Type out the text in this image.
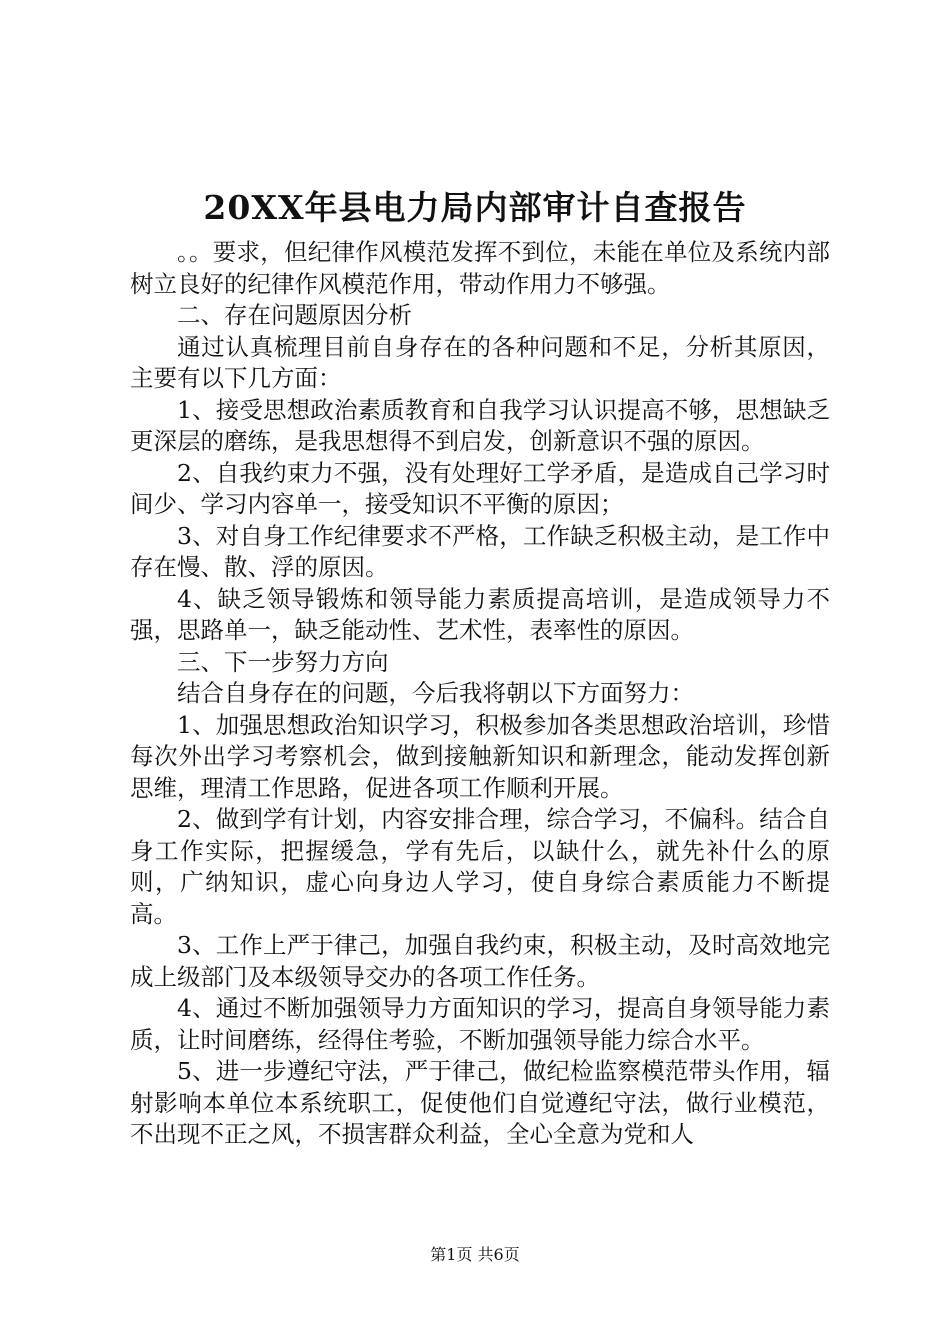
20XX年县电力局内部审计自查报告

。。要求，但纪律作风模范发挥不到位，未能在单位及系统内部树立良好的纪律作风模范作用，带动作用力不够强。

二、存在问题原因分析

通过认真梳理目前自身存在的各种问题和不足，分析其原因，主要有以下几方面：

1、接受思想政治素质教育和自我学习认识提高不够，思想缺乏更深层的磨练，是我思想得不到启发，创新意识不强的原因。

2、自我约束力不强，没有处理好工学矛盾，是造成自己学习时间少、学习内容单一，接受知识不平衡的原因；

3、对自身工作纪律要求不严格，工作缺乏积极主动，是工作中存在慢、散、浮的原因。

4、缺乏领导锻炼和领导能力素质提高培训，是造成领导力不强，思路单一，缺乏能动性、艺术性，表率性的原因。

三、下一步努力方向

结合自身存在的问题，今后我将朝以下方面努力：

1、加强思想政治知识学习，积极参加各类思想政治培训，珍惜每次外出学习考察机会，做到接触新知识和新理念，能动发挥创新思维，理清工作思路，促进各项工作顺利开展。

2、做到学有计划，内容安排合理，综合学习，不偏科。结合自身工作实际，把握缓急，学有先后，以缺什么，就先补什么的原则，广纳知识，虚心向身边人学习，使自身综合素质能力不断提高。

3、工作上严于律己，加强自我约束，积极主动，及时高效地完成上级部门及本级领导交办的各项工作任务。

4、通过不断加强领导力方面知识的学习，提高自身领导能力素质，让时间磨练，经得住考验，不断加强领导能力综合水平。

5、进一步遵纪守法，严于律己，做纪检监察模范带头作用，辐射影响本单位本系统职工，促使他们自觉遵纪守法，做行业模范，不出现不正之风，不损害群众利益，全心全意为党和人

第1页 共6页
